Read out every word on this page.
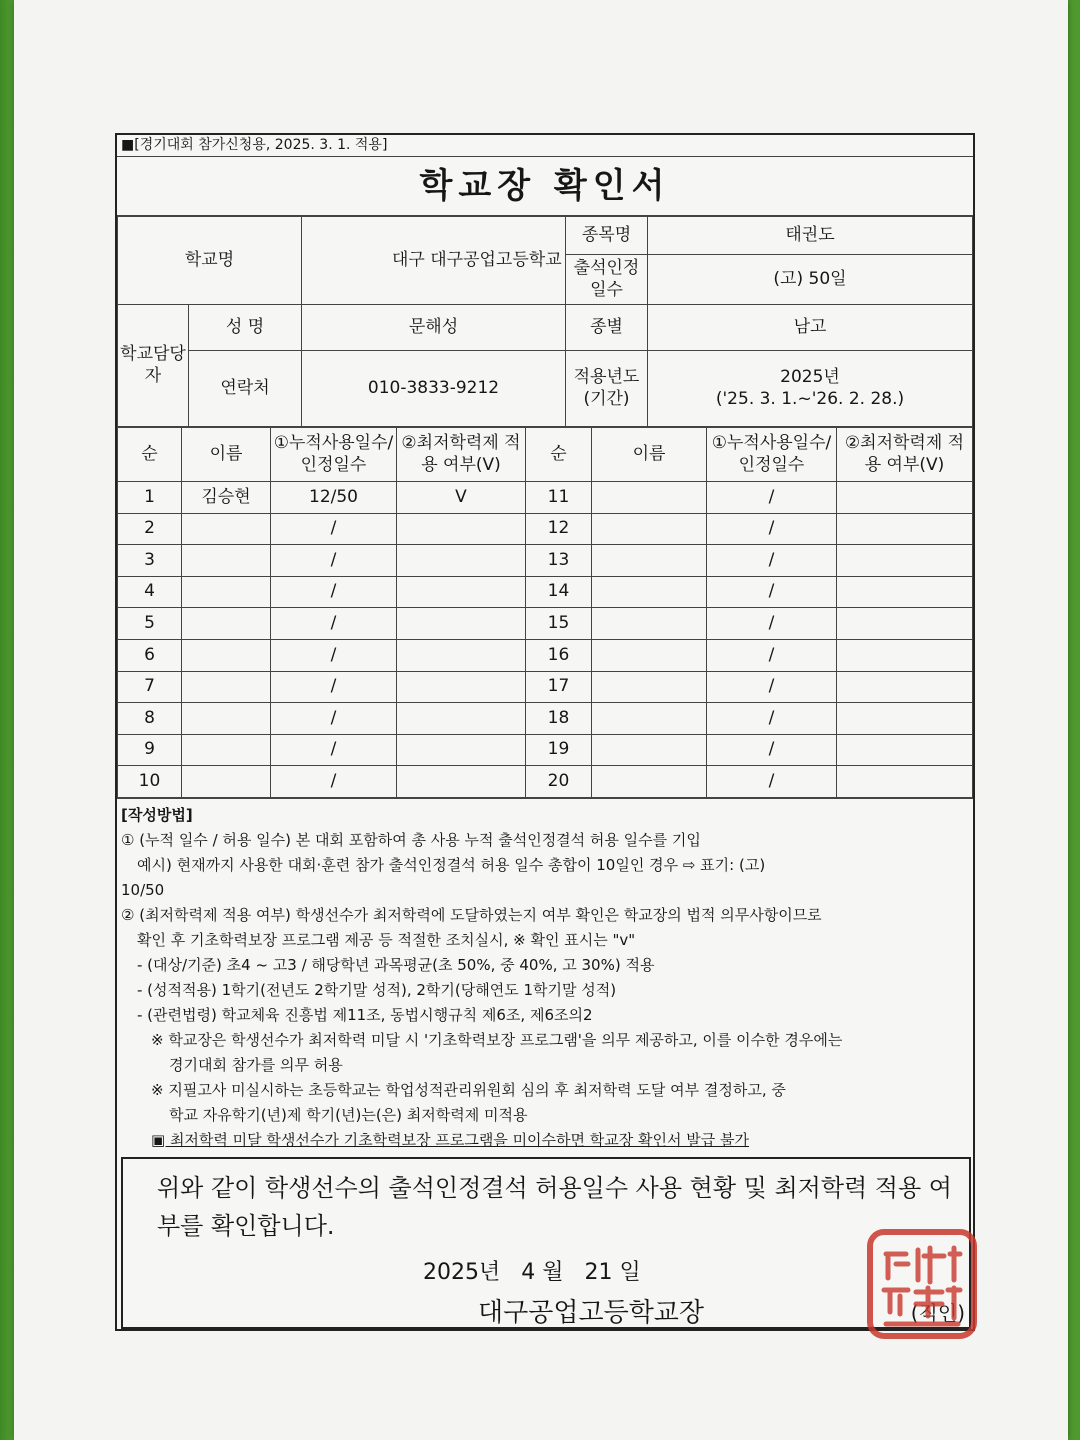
■[경기대회 참가신청용, 2025. 3. 1. 적용]
학교장 확인서
학교명		대구 대구공업고등학교	종목명	태권도
			출석인정일수	(고) 50일
학교담당자	성 명	문해성	종별	남고
	연락처	010-3833-9212	적용년도(기간)	2025년
('25. 3. 1.~'26. 2. 28.)
순	이름	①누적사용일수/인정일수	②최저학력제 적용 여부(V)	순	이름	①누적사용일수/인정일수	②최저학력제 적용 여부(V)
1	김승현	12/50	V	11		/	
2		/		12		/	
3		/		13		/	
4		/		14		/	
5		/		15		/	
6		/		16		/	
7		/		17		/	
8		/		18		/	
9		/		19		/	
10		/		20		/	
[작성방법]
① (누적 일수 / 허용 일수) 본 대회 포함하여 총 사용 누적 출석인정결석 허용 일수를 기입
예시) 현재까지 사용한 대회·훈련 참가 출석인정결석 허용 일수 총합이 10일인 경우 ⇨ 표기: (고)
10/50
② (최저학력제 적용 여부) 학생선수가 최저학력에 도달하였는지 여부 확인은 학교장의 법적 의무사항이므로
확인 후 기초학력보장 프로그램 제공 등 적절한 조치실시, ※ 확인 표시는 "v"
- (대상/기준) 초4 ~ 고3 / 해당학년 과목평균(초 50%, 중 40%, 고 30%) 적용
- (성적적용) 1학기(전년도 2학기말 성적), 2학기(당해연도 1학기말 성적)
- (관련법령) 학교체육 진흥법 제11조, 동법시행규칙 제6조, 제6조의2
※ 학교장은 학생선수가 최저학력 미달 시 '기초학력보장 프로그램'을 의무 제공하고, 이를 이수한 경우에는
경기대회 참가를 의무 허용
※ 지필고사 미실시하는 초등학교는 학업성적관리위원회 심의 후 최저학력 도달 여부 결정하고, 중
학교 자유학기(년)제 학기(년)는(은) 최저학력제 미적용
▣ 최저학력 미달 학생선수가 기초학력보장 프로그램을 미이수하면 학교장 확인서 발급 불가
위와 같이 학생선수의 출석인정결석 허용일수 사용 현황 및 최저학력 적용 여부를 확인합니다.
2025년 4 월 21 일
대구공업고등학교장	(직인)
